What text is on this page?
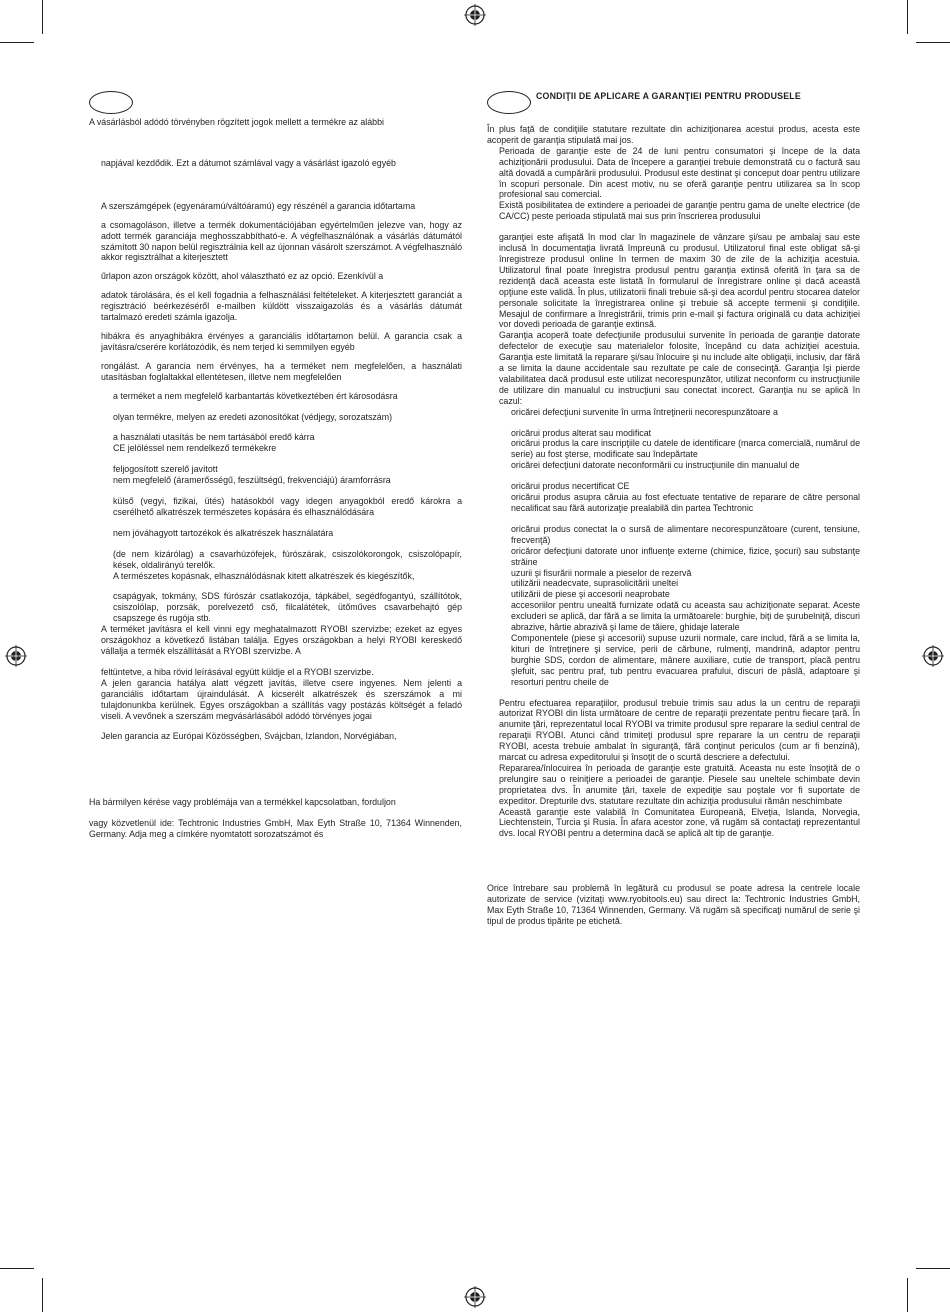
CONDIŢII DE APLICARE A GARANŢIEI PENTRU PRODUSELE

A vásárlásból adódó törvényben rögzített jogok mellett a termékre az alábbi

napjával kezdődik. Ezt a dátumot számlával vagy a vásárlást igazoló egyéb

A szerszámgépek (egyenáramú/váltóáramú) egy részénél a garancia időtartama

a csomagoláson, illetve a termék dokumentációjában egyértelműen jelezve van, hogy az adott termék garanciája meghosszabbítható-e. A végfelhasználónak a vásárlás dátumától számított 30 napon belül regisztrálnia kell az újonnan vásárolt szerszámot. A végfelhasználó akkor regisztrálhat a kiterjesztett

űrlapon azon országok között, ahol választható ez az opció. Ezenkívül a

adatok tárolására, és el kell fogadnia a felhasználási feltételeket. A kiterjesztett garanciát a regisztráció beérkezéséről e-mailben küldött visszaigazolás és a vásárlás dátumát tartalmazó eredeti számla igazolja.

hibákra és anyaghibákra érvényes a garanciális időtartamon belül. A garancia csak a javításra/cserére korlátozódik, és nem terjed ki semmilyen egyéb

rongálást. A garancia nem érvényes, ha a terméket nem megfelelően, a használati utasításban foglaltakkal ellentétesen, illetve nem megfelelően

a terméket a nem megfelelő karbantartás következtében ért károsodásra

olyan termékre, melyen az eredeti azonosítókat (védjegy, sorozatszám)

a használati utasítás be nem tartásából eredő kárra

CE jelöléssel nem rendelkező termékekre

feljogosított szerelő javított

nem megfelelő (áramerősségű, feszültségű, frekvenciájú) áramforrásra

külső (vegyi, fizikai, ütés) hatásokból vagy idegen anyagokból eredő károkra a cserélhető alkatrészek természetes kopására és elhasználódására

nem jóváhagyott tartozékok és alkatrészek használatára

(de nem kizárólag) a csavarhúzófejek, fúrószárak, csiszolókorongok, csiszolópapír, kések, oldalirányú terelők.

A természetes kopásnak, elhasználódásnak kitett alkatrészek és kiegészítők,

csapágyak, tokmány, SDS fúrószár csatlakozója, tápkábel, segédfogantyú, szállítótok, csiszolólap, porzsák, porelvezető cső, filcalátétek, ütőműves csavarbehajtó gép csapszege és rugója stb.

A terméket javításra el kell vinni egy meghatalmazott RYOBI szervizbe; ezeket az egyes országokhoz a következő listában találja. Egyes országokban a helyi RYOBI kereskedő vállalja a termék elszállítását a RYOBI szervizbe. A

feltüntetve, a hiba rövid leírásával együtt küldje el a RYOBI szervizbe.

A jelen garancia hatálya alatt végzett javítás, illetve csere ingyenes. Nem jelenti a garanciális időtartam újraindulását. A kicserélt alkatrészek és szerszámok a mi tulajdonunkba kerülnek. Egyes országokban a szállítás vagy postázás költségét a feladó viseli. A vevőnek a szerszám megvásárlásából adódó törvényes jogai

Jelen garancia az Európai Közösségben, Svájcban, Izlandon, Norvégiában,

Ha bármilyen kérése vagy problémája van a termékkel kapcsolatban, forduljon

vagy közvetlenül ide: Techtronic Industries GmbH, Max Eyth Straße 10, 71364 Winnenden, Germany. Adja meg a címkére nyomtatott sorozatszámot és

În plus faţă de condiţiile statutare rezultate din achiziţionarea acestui produs, acesta este acoperit de garanţia stipulată mai jos.

Perioada de garanţie este de 24 de luni pentru consumatori şi începe de la data achiziţionării produsului. Data de începere a garanţiei trebuie demonstrată cu o factură sau altă dovadă a cumpărării produsului. Produsul este destinat şi conceput doar pentru utilizare în scopuri personale. Din acest motiv, nu se oferă garanţie pentru utilizarea sa în scop profesional sau comercial.

Există posibilitatea de extindere a perioadei de garanţie pentru gama de unelte electrice (de CA/CC) peste perioada stipulată mai sus prin înscrierea produsului

garanţiei este afişată în mod clar în magazinele de vânzare şi/sau pe ambalaj sau este inclusă în documentaţia livrată împreună cu produsul. Utilizatorul final este obligat să-şi înregistreze produsul online în termen de maxim 30 de zile de la achiziţia acestuia. Utilizatorul final poate înregistra produsul pentru garanţia extinsă oferită în ţara sa de rezidenţă dacă aceasta este listată în formularul de înregistrare online şi dacă această opţiune este validă. În plus, utilizatorii finali trebuie să-şi dea acordul pentru stocarea datelor personale solicitate la înregistrarea online şi trebuie să accepte termenii şi condiţiile. Mesajul de confirmare a înregistrării, trimis prin e-mail şi factura originală cu data achiziţiei vor dovedi perioada de garanţie extinsă.

Garanţia acoperă toate defecţiunile produsului survenite în perioada de garanţie datorate defectelor de execuţie sau materialelor folosite, începând cu data achiziţiei acestuia. Garanţia este limitată la reparare şi/sau înlocuire şi nu include alte obligaţii, inclusiv, dar fără a se limita la daune accidentale sau rezultate pe cale de consecinţă. Garanţia îşi pierde valabilitatea dacă produsul este utilizat necorespunzător, utilizat neconform cu instrucţiunile de utilizare din manualul cu instrucţiuni sau conectat incorect. Garanţia nu se aplică în cazul:

oricărei defecţiuni survenite în urma întreţinerii necorespunzătoare a

oricărui produs alterat sau modificat

oricărui produs la care inscripţiile cu datele de identificare (marca comercială, numărul de serie) au fost şterse, modificate sau îndepărtate

oricărei defecţiuni datorate neconformării cu instrucţiunile din manualul de

oricărui produs necertificat CE

oricărui produs asupra căruia au fost efectuate tentative de reparare de către personal necalificat sau fără autorizaţie prealabilă din partea Techtronic

oricărui produs conectat la o sursă de alimentare necorespunzătoare (curent, tensiune, frecvenţă)

oricăror defecţiuni datorate unor influenţe externe (chimice, fizice, şocuri) sau substanţe străine

uzurii şi fisurării normale a pieselor de rezervă

utilizării neadecvate, suprasolicitării uneltei

utilizării de piese şi accesorii neaprobate

accesoriilor pentru unealtă furnizate odată cu aceasta sau achiziţionate separat. Aceste excluderi se aplică, dar fără a se limita la următoarele: burghie, biţi de şurubelniţă, discuri abrazive, hârtie abrazivă şi lame de tăiere, ghidaje laterale

Componentele (piese şi accesorii) supuse uzurii normale, care includ, fără a se limita la, kituri de întreţinere şi service, perii de cărbune, rulmenţi, mandrină, adaptor pentru burghie SDS, cordon de alimentare, mânere auxiliare, cutie de transport, placă pentru şlefuit, sac pentru praf, tub pentru evacuarea prafului, discuri de pâslă, adaptoare şi resorturi pentru cheile de

Pentru efectuarea reparaţiilor, produsul trebuie trimis sau adus la un centru de reparaţii autorizat RYOBI din lista următoare de centre de reparaţii prezentate pentru fiecare ţară. În anumite ţări, reprezentatul local RYOBI va trimite produsul spre reparare la sediul central de reparaţii RYOBI. Atunci când trimiteţi produsul spre reparare la un centru de reparaţii RYOBI, acesta trebuie ambalat în siguranţă, fără conţinut periculos (cum ar fi benzină), marcat cu adresa expeditorului şi însoţit de o scurtă descriere a defectului.

Repararea/înlocuirea în perioada de garanţie este gratuită. Aceasta nu este însoţită de o prelungire sau o reiniţiere a perioadei de garanţie. Piesele sau uneltele schimbate devin proprietatea dvs. În anumite ţări, taxele de expediţie sau poştale vor fi suportate de expeditor. Drepturile dvs. statutare rezultate din achiziţia produsului rămân neschimbate

Această garanţie este valabilă în Comunitatea Europeană, Elveţia, Islanda, Norvegia, Liechtenstein, Turcia şi Rusia. În afara acestor zone, vă rugăm să contactaţi reprezentantul dvs. local RYOBI pentru a determina dacă se aplică alt tip de garanţie.

Orice întrebare sau problemă în legătură cu produsul se poate adresa la centrele locale autorizate de service (vizitaţi www.ryobitools.eu) sau direct la: Techtronic Industries GmbH, Max Eyth Straße 10, 71364 Winnenden, Germany. Vă rugăm să specificaţi numărul de serie şi tipul de produs tipărite pe etichetă.
